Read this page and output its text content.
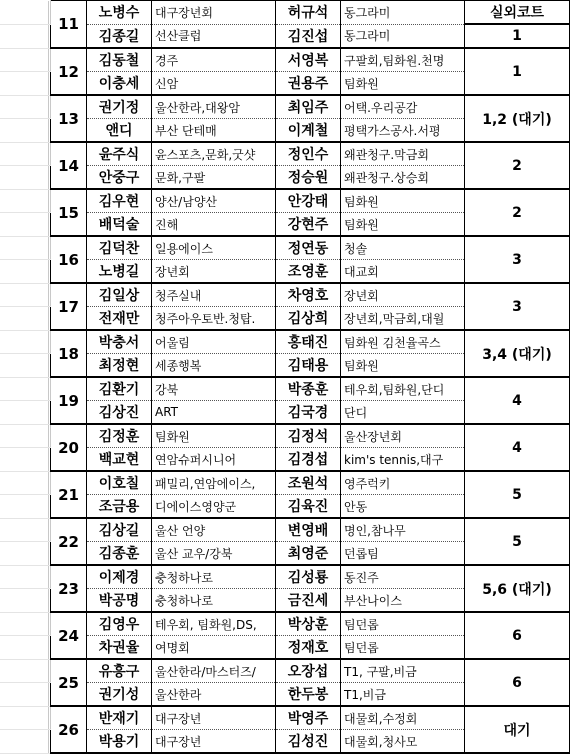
		11	노병수	대구장년회	허규석	동그라미	실외코트
			김종길	선산클럽	김진섭	동그라미	1
		12	김동철	경주	서영복	구팔회,팀화원.천명	1
			이충세	신암	권용주	팀화원	
		13	권기정	울산한라,대왕암	최임주	어택.우리공감	1,2 (대기)
			앤디	부산 단테매	이계철	평택가스공사.서평	
		14	윤주식	윤스포츠,문화,굿샷	정인수	왜관청구.막금회	2
			안중구	문화,구팔	정승원	왜관청구.상승회	
		15	김우현	양산/남양산	안강태	팀화원	2
			배덕술	진해	강현주	팀화원	
		16	김덕찬	일용에이스	정연동	청솔	3
			노병길	장년회	조영훈	대교회	
		17	김일상	청주실내	차영호	장년회	3
			전재만	청주아우토반.청탑.	김상희	장년회,막금회,대월	
		18	박충서	어울림	홍태진	팀화원 김천율곡스	3,4 (대기)
			최정현	세종행복	김태용	팀화원	
		19	김환기	강북	박종훈	테우회,팀화원,단디	4
			김상진	ART	김국경	단디	
		20	김정훈	팀화원	김정석	울산장년회	4
			백교현	연암슈퍼시니어	김경섭	kim's tennis,대구	
		21	이호칠	패밀리,연암에이스,	조원석	영주럭키	5
			조금용	디에이스영양군	김육진	안동	
		22	김상길	울산 언양	변영배	명인,참나무	5
			김종훈	울산 교우/강북	최영준	던롭팀	
		23	이제경	충청하나로	김성룡	동진주	5,6 (대기)
			박공명	충청하나로	금진세	부산나이스	
		24	김영우	테우회, 팀화원,DS,	박상훈	팀던롭	6
			차권율	여명회	정재호	팀던롭	
		25	유흥구	울산한라/마스터즈/	오장섭	T1, 구팔,비금	6
			권기성	울산한라	한두봉	T1,비금	
		26	반재기	대구장년	박영주	대물회,수정회	대기
			박용기	대구장년	김성진	대물회,청사모	
